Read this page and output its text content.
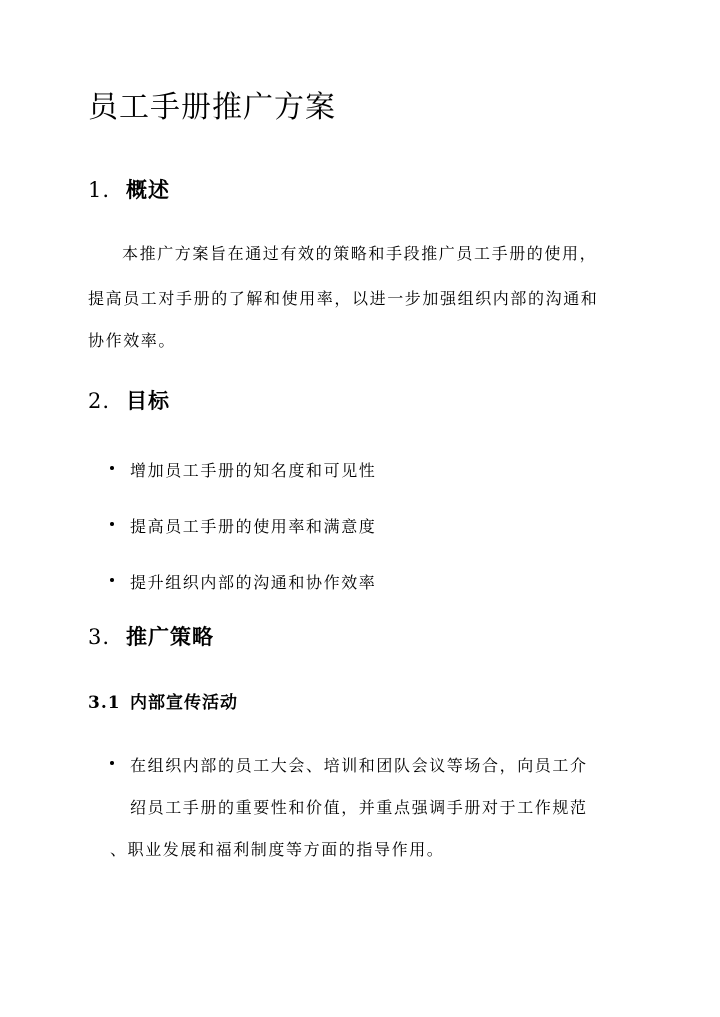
员工手册推广方案
1. 概述
本推广方案旨在通过有效的策略和手段推广员工手册的使用，
提高员工对手册的了解和使用率，以进一步加强组织内部的沟通和
协作效率。
2. 目标
增加员工手册的知名度和可见性
提高员工手册的使用率和满意度
提升组织内部的沟通和协作效率
3. 推广策略
3.1 内部宣传活动
在组织内部的员工大会、培训和团队会议等场合，向员工介
绍员工手册的重要性和价值，并重点强调手册对于工作规范
、职业发展和福利制度等方面的指导作用。
